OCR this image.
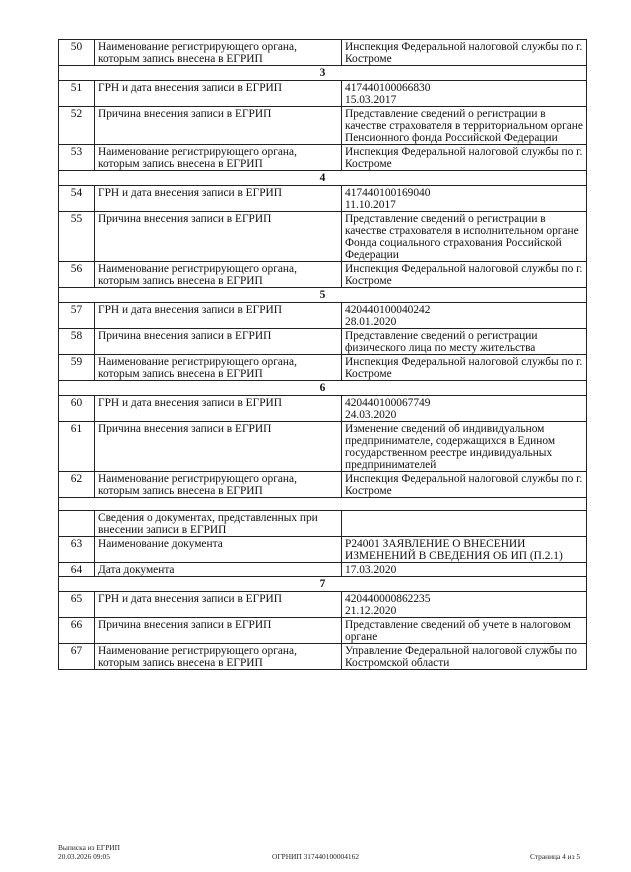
50	Наименование регистрирующего органа, которым запись внесена в ЕГРИП	Инспекция Федеральной налоговой службы по г. Костроме
3		
51	ГРН и дата внесения записи в ЕГРИП	417440100066830
15.03.2017
52	Причина внесения записи в ЕГРИП	Представление сведений о регистрации в качестве страхователя в территориальном органе Пенсионного фонда Российской Федерации
53	Наименование регистрирующего органа, которым запись внесена в ЕГРИП	Инспекция Федеральной налоговой службы по г. Костроме
4		
54	ГРН и дата внесения записи в ЕГРИП	417440100169040
11.10.2017
55	Причина внесения записи в ЕГРИП	Представление сведений о регистрации в качестве страхователя в исполнительном органе Фонда социального страхования Российской Федерации
56	Наименование регистрирующего органа, которым запись внесена в ЕГРИП	Инспекция Федеральной налоговой службы по г. Костроме
5		
57	ГРН и дата внесения записи в ЕГРИП	420440100040242
28.01.2020
58	Причина внесения записи в ЕГРИП	Представление сведений о регистрации физического лица по месту жительства
59	Наименование регистрирующего органа, которым запись внесена в ЕГРИП	Инспекция Федеральной налоговой службы по г. Костроме
6		
60	ГРН и дата внесения записи в ЕГРИП	420440100067749
24.03.2020
61	Причина внесения записи в ЕГРИП	Изменение сведений об индивидуальном предпринимателе, содержащихся в Едином государственном реестре индивидуальных предпринимателей
62	Наименование регистрирующего органа, которым запись внесена в ЕГРИП	Инспекция Федеральной налоговой службы по г. Костроме

	Сведения о документах, представленных при внесении записи в ЕГРИП	
63	Наименование документа	Р24001 ЗАЯВЛЕНИЕ О ВНЕСЕНИИ ИЗМЕНЕНИЙ В СВЕДЕНИЯ ОБ ИП (П.2.1)
64	Дата документа	17.03.2020
7		
65	ГРН и дата внесения записи в ЕГРИП	420440000862235
21.12.2020
66	Причина внесения записи в ЕГРИП	Представление сведений об учете в налоговом органе
67	Наименование регистрирующего органа, которым запись внесена в ЕГРИП	Управление Федеральной налоговой службы по Костромской области
Выписка из ЕГРИП
20.03.2026 09:05	ОГРНИП 317440100004162	Страница 4 из 5
